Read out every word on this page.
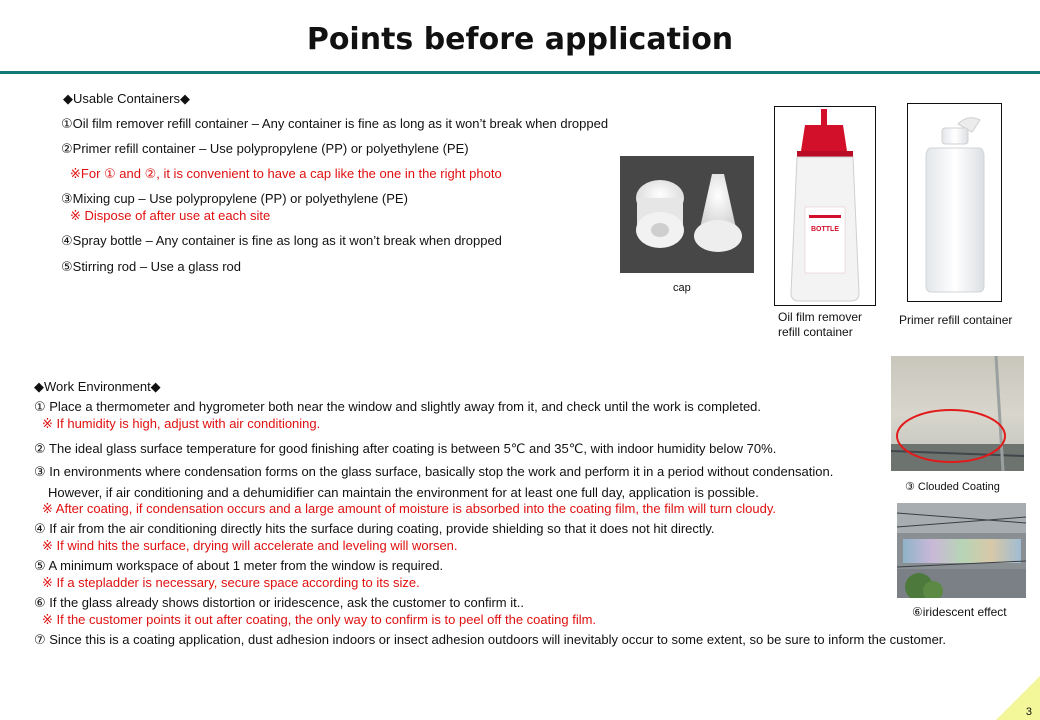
Points before application
◆Usable Containers◆
①Oil film remover refill container – Any container is fine as long as it won’t break when dropped
②Primer refill container – Use polypropylene (PP) or polyethylene (PE)
※For ① and ②, it is convenient to have a cap like the one in the right photo
③Mixing cup – Use polypropylene (PP) or polyethylene (PE)
※ Dispose of after use at each site
④Spray bottle – Any container is fine as long as it won’t break when dropped
⑤Stirring rod – Use a glass rod
cap
BOTTLE
Oil film remover
refill container
Primer refill container
◆Work Environment◆
① Place a thermometer and hygrometer both near the window and slightly away from it, and check until the work is completed.
※ If humidity is high, adjust with air conditioning.
② The ideal glass surface temperature for good finishing after coating is between 5℃ and 35℃, with indoor humidity below 70%.
③ In environments where condensation forms on the glass surface, basically stop the work and perform it in a period without condensation.
However, if air conditioning and a dehumidifier can maintain the environment for at least one full day, application is possible.
※ After coating, if condensation occurs and a large amount of moisture is absorbed into the coating film, the film will turn cloudy.
④ If air from the air conditioning directly hits the surface during coating, provide shielding so that it does not hit directly.
※ If wind hits the surface, drying will accelerate and leveling will worsen.
⑤ A minimum workspace of about 1 meter from the window is required.
※ If a stepladder is necessary, secure space according to its size.
⑥ If the glass already shows distortion or iridescence, ask the customer to confirm it..
※ If the customer points it out after coating, the only way to confirm is to peel off the coating film.
⑦ Since this is a coating application, dust adhesion indoors or insect adhesion outdoors will inevitably occur to some extent, so be sure to inform the customer.
③ Clouded Coating
⑥iridescent effect
3
